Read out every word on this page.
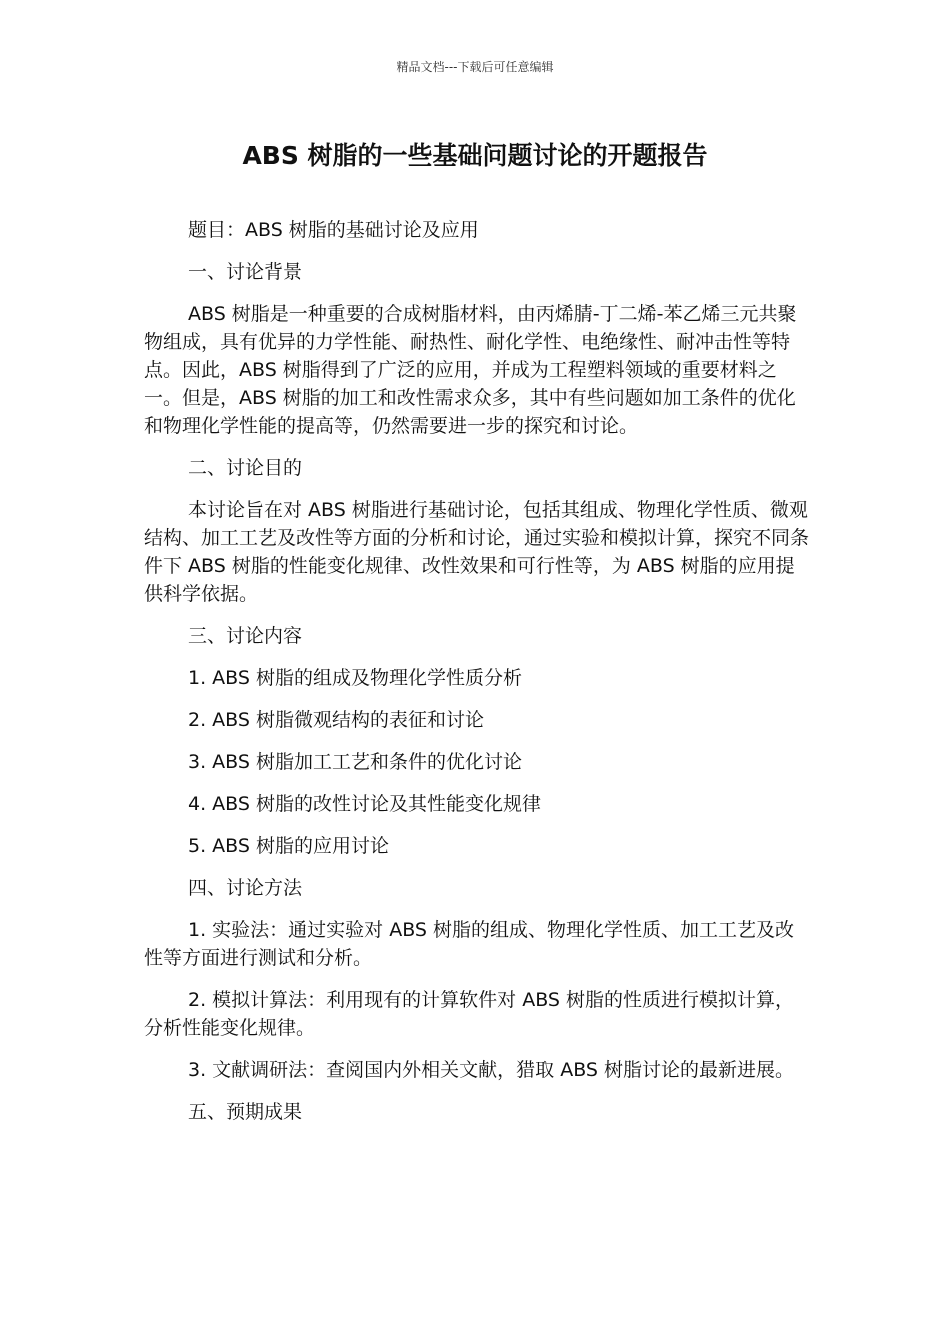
精品文档---下载后可任意编辑
ABS 树脂的一些基础问题讨论的开题报告

题目：ABS 树脂的基础讨论及应用

一、讨论背景

ABS 树脂是一种重要的合成树脂材料，由丙烯腈-丁二烯-苯乙烯三元共聚物组成，具有优异的力学性能、耐热性、耐化学性、电绝缘性、耐冲击性等特点。因此，ABS 树脂得到了广泛的应用，并成为工程塑料领域的重要材料之一。但是，ABS 树脂的加工和改性需求众多，其中有些问题如加工条件的优化和物理化学性能的提高等，仍然需要进一步的探究和讨论。

二、讨论目的

本讨论旨在对 ABS 树脂进行基础讨论，包括其组成、物理化学性质、微观结构、加工工艺及改性等方面的分析和讨论，通过实验和模拟计算，探究不同条件下 ABS 树脂的性能变化规律、改性效果和可行性等，为 ABS 树脂的应用提供科学依据。

三、讨论内容

1. ABS 树脂的组成及物理化学性质分析

2. ABS 树脂微观结构的表征和讨论

3. ABS 树脂加工工艺和条件的优化讨论

4. ABS 树脂的改性讨论及其性能变化规律

5. ABS 树脂的应用讨论

四、讨论方法

1. 实验法：通过实验对 ABS 树脂的组成、物理化学性质、加工工艺及改性等方面进行测试和分析。

2. 模拟计算法：利用现有的计算软件对 ABS 树脂的性质进行模拟计算，分析性能变化规律。

3. 文献调研法：查阅国内外相关文献，猎取 ABS 树脂讨论的最新进展。

五、预期成果
